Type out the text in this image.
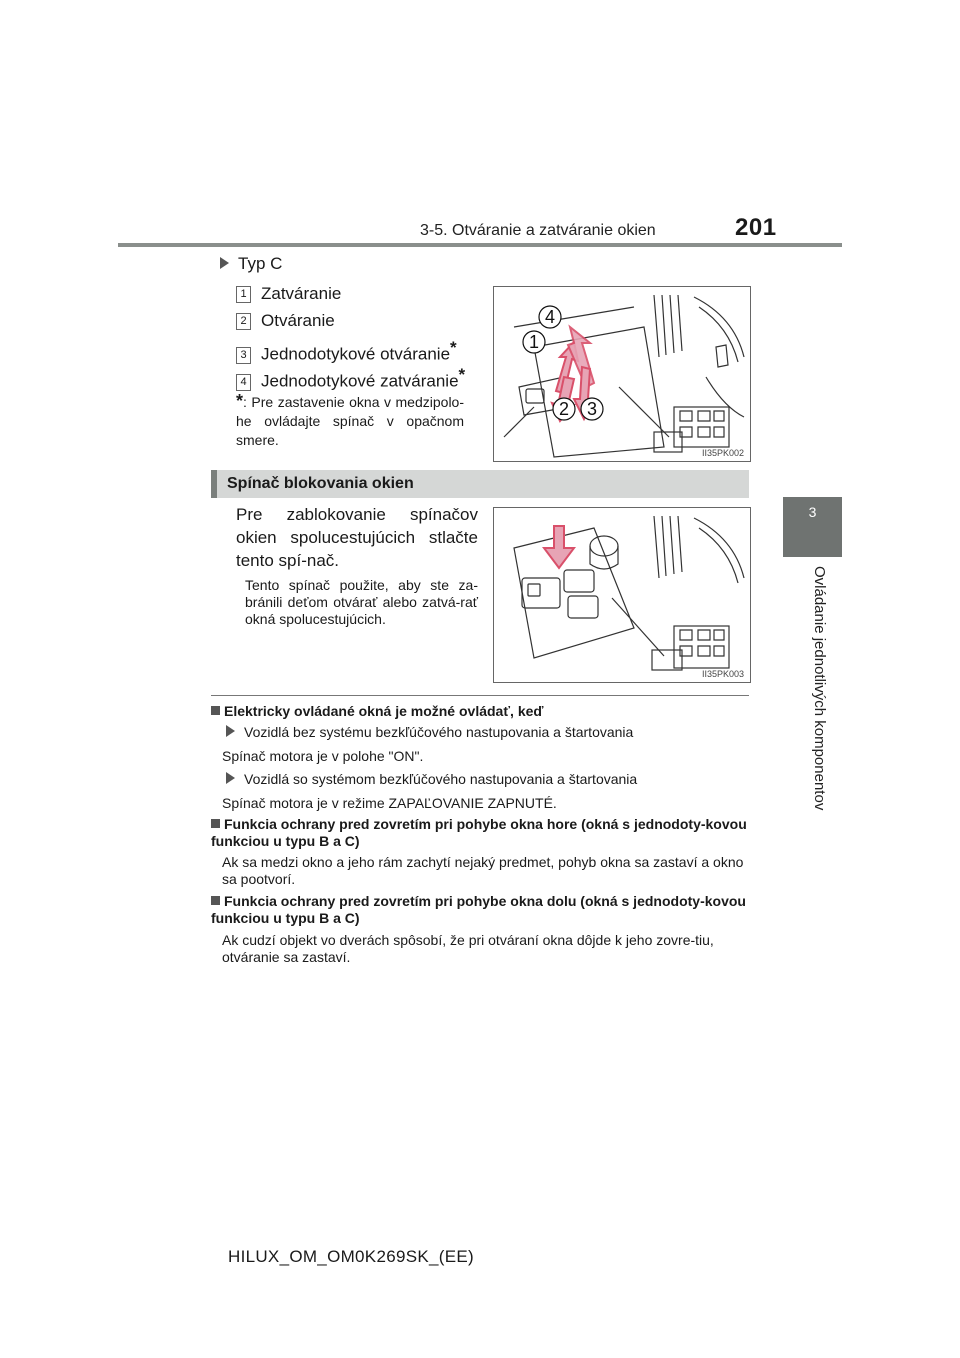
3-5. Otváranie a zatváranie okien	201
3
Ovládanie jednotlivých komponentov
Typ C
1 Zatváranie
2 Otváranie
3 Jednodotykové otváranie*
4 Jednodotykové zatváranie*
*: Pre zastavenie okna v medzipolo-he ovládajte spínač v opačnom smere.
4
1
2 3
II35PK002
Spínač blokovania okien
Pre zablokovanie spínačov okien spolucestujúcich stlačte tento spí-nač.
Tento spínač použite, aby ste za-bránili deťom otvárať alebo zatvá-rať okná spolucestujúcich.
II35PK003
Elektricky ovládané okná je možné ovládať, keď
Vozidlá bez systému bezkľúčového nastupovania a štartovania
Spínač motora je v polohe "ON".
Vozidlá so systémom bezkľúčového nastupovania a štartovania
Spínač motora je v režime ZAPAĽOVANIE ZAPNUTÉ.
Funkcia ochrany pred zovretím pri pohybe okna hore (okná s jednodoty-kovou funkciou u typu B a C)
Ak sa medzi okno a jeho rám zachytí nejaký predmet, pohyb okna sa zastaví a okno sa pootvorí.
Funkcia ochrany pred zovretím pri pohybe okna dolu (okná s jednodoty-kovou funkciou u typu B a C)
Ak cudzí objekt vo dverách spôsobí, že pri otváraní okna dôjde k jeho zovre-tiu, otváranie sa zastaví.
HILUX_OM_OM0K269SK_(EE)
